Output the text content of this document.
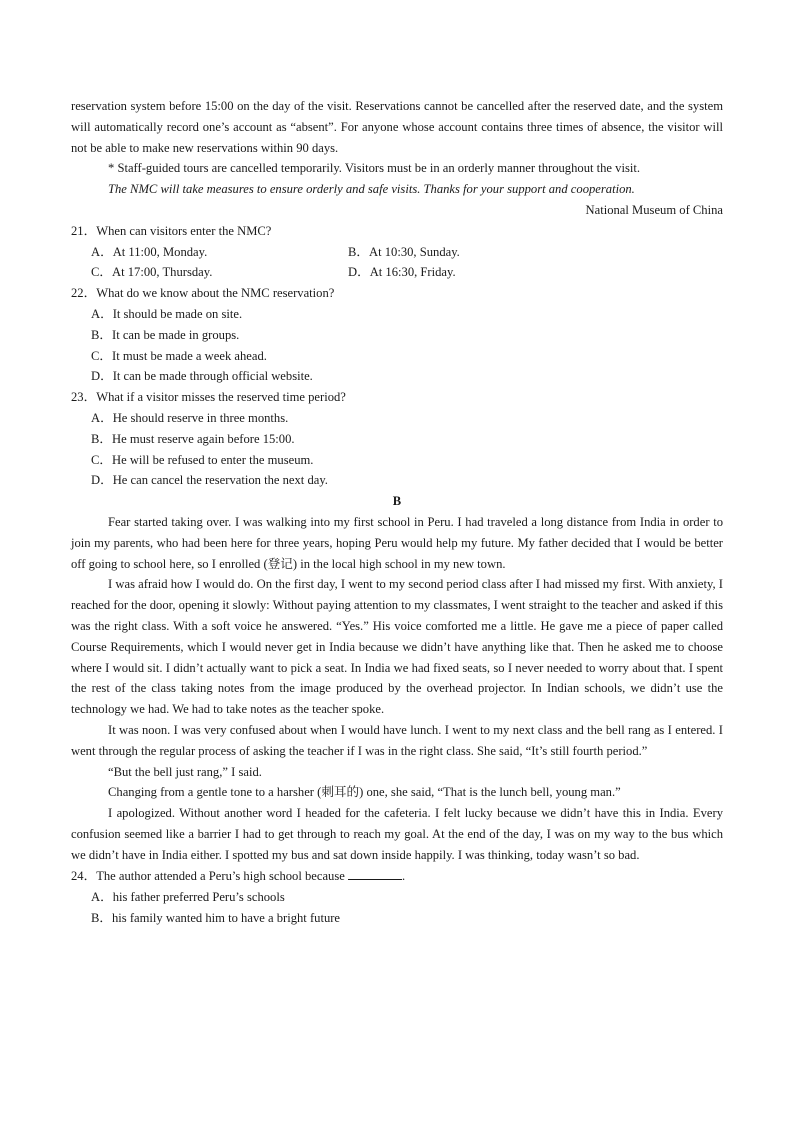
reservation system before 15:00 on the day of the visit. Reservations cannot be cancelled after the reserved date, and the system will automatically record one’s account as “absent”. For anyone whose account contains three times of absence, the visitor will not be able to make new reservations within 90 days.

* Staff-guided tours are cancelled temporarily. Visitors must be in an orderly manner throughout the visit.

The NMC will take measures to ensure orderly and safe visits. Thanks for your support and cooperation.

National Museum of China

21．When can visitors enter the NMC?

A．At 11:00, Monday.	B．At 10:30, Sunday.
C．At 17:00, Thursday.	D．At 16:30, Friday.

22．What do we know about the NMC reservation?

A．It should be made on site.

B．It can be made in groups.

C．It must be made a week ahead.

D．It can be made through official website.

23．What if a visitor misses the reserved time period?

A．He should reserve in three months.

B．He must reserve again before 15:00.

C．He will be refused to enter the museum.

D．He can cancel the reservation the next day.

B

Fear started taking over. I was walking into my first school in Peru. I had traveled a long distance from India in order to join my parents, who had been here for three years, hoping Peru would help my future. My father decided that I would be better off going to school here, so I enrolled (登记) in the local high school in my new town.

I was afraid how I would do. On the first day, I went to my second period class after I had missed my first. With anxiety, I reached for the door, opening it slowly: Without paying attention to my classmates, I went straight to the teacher and asked if this was the right class. With a soft voice he answered. “Yes.” His voice comforted me a little. He gave me a piece of paper called Course Requirements, which I would never get in India because we didn’t have anything like that. Then he asked me to choose where I would sit. I didn’t actually want to pick a seat. In India we had fixed seats, so I never needed to worry about that. I spent the rest of the class taking notes from the image produced by the overhead projector. In Indian schools, we didn’t use the technology we had. We had to take notes as the teacher spoke.

It was noon. I was very confused about when I would have lunch. I went to my next class and the bell rang as I entered. I went through the regular process of asking the teacher if I was in the right class. She said, “It’s still fourth period.”

“But the bell just rang,” I said.

Changing from a gentle tone to a harsher (刺耳的) one, she said, “That is the lunch bell, young man.”

I apologized. Without another word I headed for the cafeteria. I felt lucky because we didn’t have this in India. Every confusion seemed like a barrier I had to get through to reach my goal. At the end of the day, I was on my way to the bus which we didn’t have in India either. I spotted my bus and sat down inside happily. I was thinking, today wasn’t so bad.

24．The author attended a Peru’s high school because	.

A．his father preferred Peru’s schools

B．his family wanted him to have a bright future
